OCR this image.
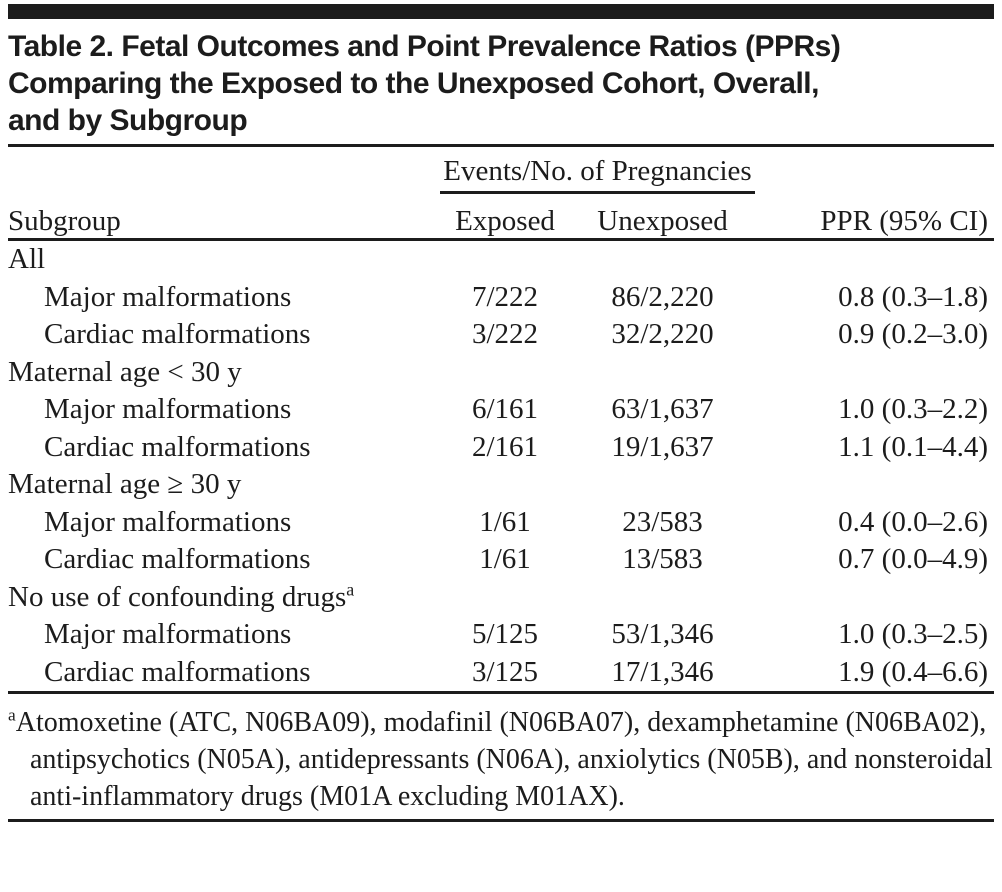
Table 2. Fetal Outcomes and Point Prevalence Ratios (PPRs)
Comparing the Exposed to the Unexposed Cohort, Overall,
and by Subgroup
Events/No. of Pregnancies
Subgroup	Exposed	Unexposed	PPR (95% CI)
All
Major malformations	7/222	86/2,220	0.8 (0.3–1.8)
Cardiac malformations	3/222	32/2,220	0.9 (0.2–3.0)
Maternal age < 30 y
Major malformations	6/161	63/1,637	1.0 (0.3–2.2)
Cardiac malformations	2/161	19/1,637	1.1 (0.1–4.4)
Maternal age ≥ 30 y
Major malformations	1/61	23/583	0.4 (0.0–2.6)
Cardiac malformations	1/61	13/583	0.7 (0.0–4.9)
No use of confounding drugs$^a$
Major malformations	5/125	53/1,346	1.0 (0.3–2.5)
Cardiac malformations	3/125	17/1,346	1.9 (0.4–6.6)
$^a$Atomoxetine (ATC, N06BA09), modafinil (N06BA07), dexamphetamine (N06BA02), antipsychotics (N05A), antidepressants (N06A), anxiolytics (N05B), and nonsteroidal anti-inflammatory drugs (M01A excluding M01AX).
